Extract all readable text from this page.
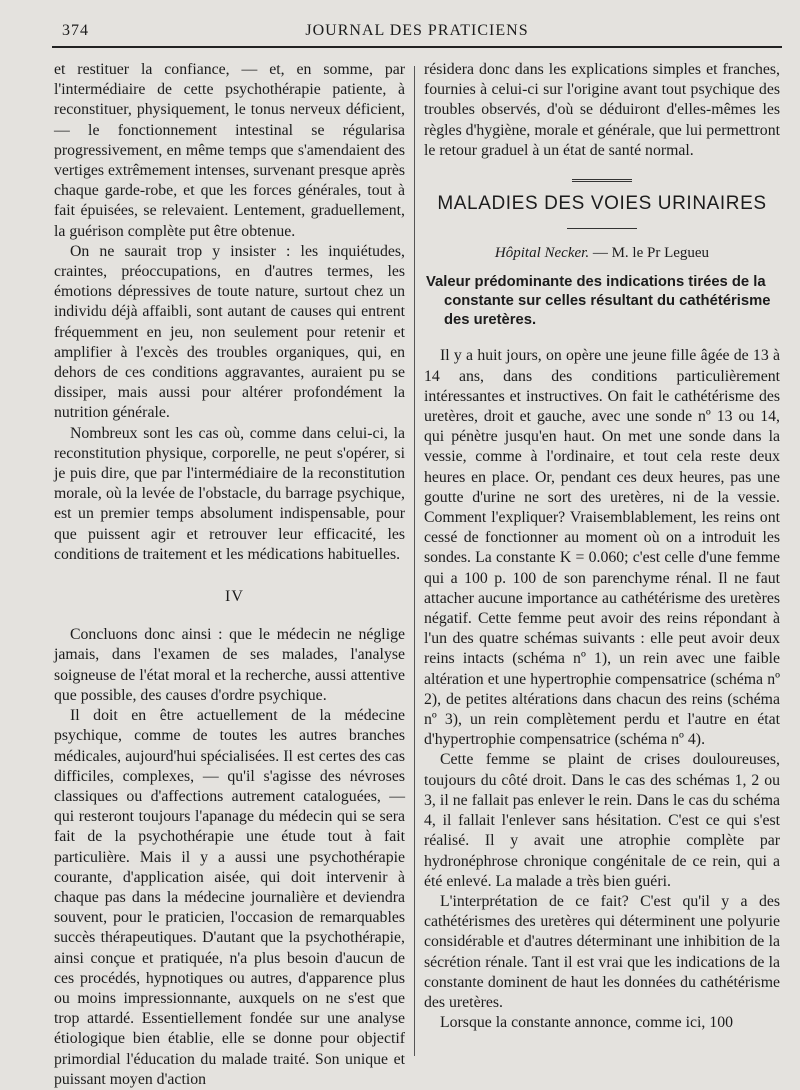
374	JOURNAL DES PRATICIENS

et restituer la confiance, — et, en somme, par l'intermédiaire de cette psychothérapie patiente, à reconstituer, physiquement, le tonus nerveux déficient, — le fonctionnement intestinal se régularisa progressivement, en même temps que s'amendaient des vertiges extrêmement intenses, survenant presque après chaque garde-robe, et que les forces générales, tout à fait épuisées, se relevaient. Lentement, graduellement, la guérison complète put être obtenue.

On ne saurait trop y insister : les inquiétudes, craintes, préoccupations, en d'autres termes, les émotions dépressives de toute nature, surtout chez un individu déjà affaibli, sont autant de causes qui entrent fréquemment en jeu, non seulement pour retenir et amplifier à l'excès des troubles organiques, qui, en dehors de ces conditions aggravantes, auraient pu se dissiper, mais aussi pour altérer profondément la nutrition générale.

Nombreux sont les cas où, comme dans celui-ci, la reconstitution physique, corporelle, ne peut s'opérer, si je puis dire, que par l'intermédiaire de la reconstitution morale, où la levée de l'obstacle, du barrage psychique, est un premier temps absolument indispensable, pour que puissent agir et retrouver leur efficacité, les conditions de traitement et les médications habituelles.

IV

Concluons donc ainsi : que le médecin ne néglige jamais, dans l'examen de ses malades, l'analyse soigneuse de l'état moral et la recherche, aussi attentive que possible, des causes d'ordre psychique.

Il doit en être actuellement de la médecine psychique, comme de toutes les autres branches médicales, aujourd'hui spécialisées. Il est certes des cas difficiles, complexes, — qu'il s'agisse des névroses classiques ou d'affections autrement cataloguées, — qui resteront toujours l'apanage du médecin qui se sera fait de la psychothérapie une étude tout à fait particulière. Mais il y a aussi une psychothérapie courante, d'application aisée, qui doit intervenir à chaque pas dans la médecine journalière et deviendra souvent, pour le praticien, l'occasion de remarquables succès thérapeutiques. D'autant que la psychothérapie, ainsi conçue et pratiquée, n'a plus besoin d'aucun de ces procédés, hypnotiques ou autres, d'apparence plus ou moins impressionnante, auxquels on ne s'est que trop attardé. Essentiellement fondée sur une analyse étiologique bien établie, elle se donne pour objectif primordial l'éducation du malade traité. Son unique et puissant moyen d'action

résidera donc dans les explications simples et franches, fournies à celui-ci sur l'origine avant tout psychique des troubles observés, d'où se déduiront d'elles-mêmes les règles d'hygiène, morale et générale, que lui permettront le retour graduel à un état de santé normal.

MALADIES DES VOIES URINAIRES
Hôpital Necker. — M. le Pr Legueu
Valeur prédominante des indications tirées de la constante sur celles résultant du cathétérisme des uretères.

Il y a huit jours, on opère une jeune fille âgée de 13 à 14 ans, dans des conditions particulièrement intéressantes et instructives. On fait le cathétérisme des uretères, droit et gauche, avec une sonde nº 13 ou 14, qui pénètre jusqu'en haut. On met une sonde dans la vessie, comme à l'ordinaire, et tout cela reste deux heures en place. Or, pendant ces deux heures, pas une goutte d'urine ne sort des uretères, ni de la vessie. Comment l'expliquer? Vraisemblablement, les reins ont cessé de fonctionner au moment où on a introduit les sondes. La constante K = 0.060; c'est celle d'une femme qui a 100 p. 100 de son parenchyme rénal. Il ne faut attacher aucune importance au cathétérisme des uretères négatif. Cette femme peut avoir des reins répondant à l'un des quatre schémas suivants : elle peut avoir deux reins intacts (schéma nº 1), un rein avec une faible altération et une hypertrophie compensatrice (schéma nº 2), de petites altérations dans chacun des reins (schéma nº 3), un rein complètement perdu et l'autre en état d'hypertrophie compensatrice (schéma nº 4).

Cette femme se plaint de crises douloureuses, toujours du côté droit. Dans le cas des schémas 1, 2 ou 3, il ne fallait pas enlever le rein. Dans le cas du schéma 4, il fallait l'enlever sans hésitation. C'est ce qui s'est réalisé. Il y avait une atrophie complète par hydronéphrose chronique congénitale de ce rein, qui a été enlevé. La malade a très bien guéri.

L'interprétation de ce fait? C'est qu'il y a des cathétérismes des uretères qui déterminent une polyurie considérable et d'autres déterminant une inhibition de la sécrétion rénale. Tant il est vrai que les indications de la constante dominent de haut les données du cathétérisme des uretères.

Lorsque la constante annonce, comme ici, 100
